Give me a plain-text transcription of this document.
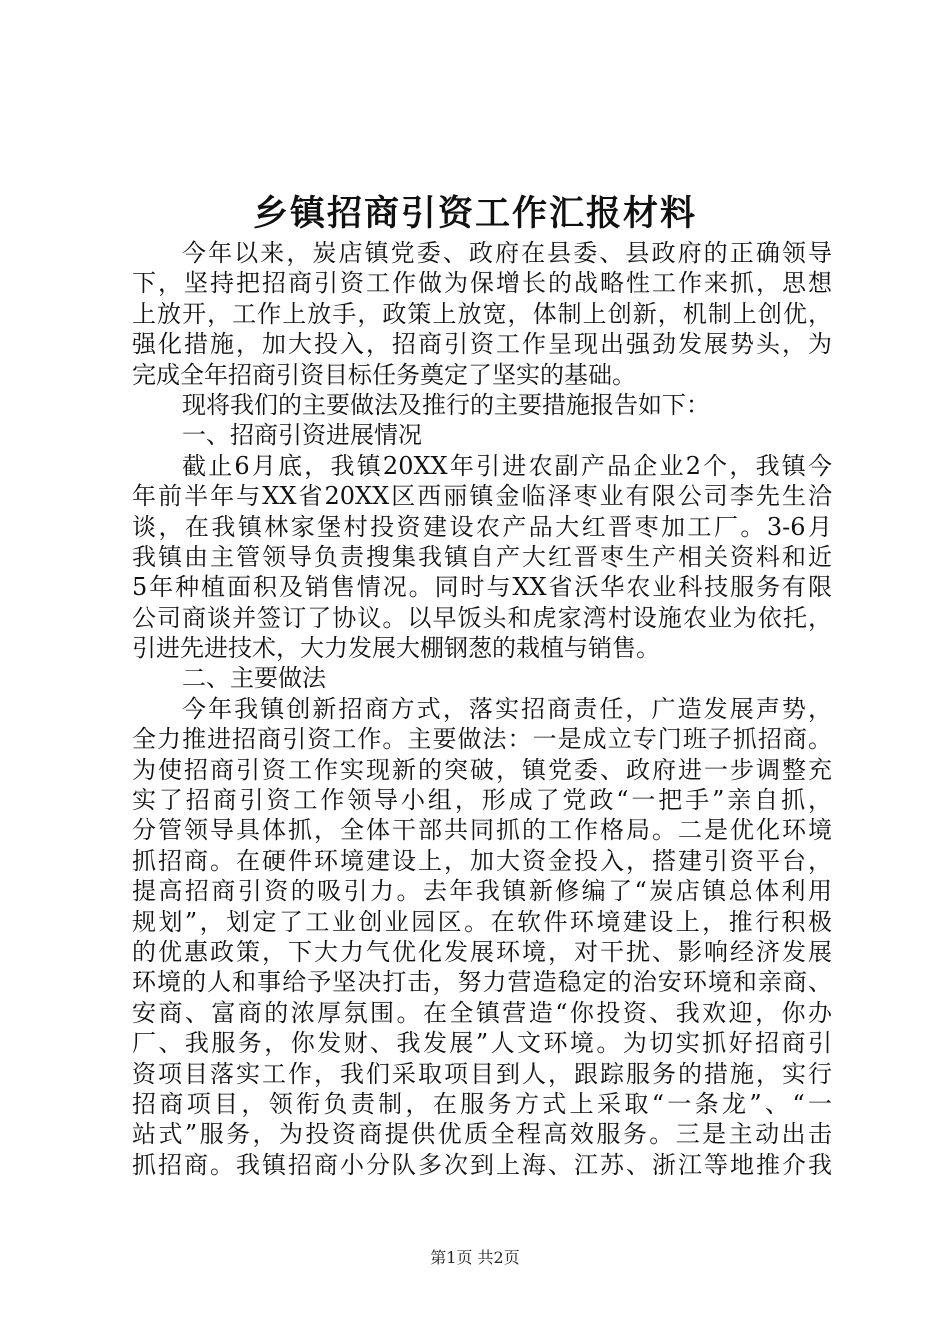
乡镇招商引资工作汇报材料
今年以来，炭店镇党委、政府在县委、县政府的正确领导
下，坚持把招商引资工作做为保增长的战略性工作来抓，思想
上放开，工作上放手，政策上放宽，体制上创新，机制上创优，
强化措施，加大投入，招商引资工作呈现出强劲发展势头，为
完成全年招商引资目标任务奠定了坚实的基础。
现将我们的主要做法及推行的主要措施报告如下：
一、招商引资进展情况
截止6月底，我镇20XX年引进农副产品企业2个，我镇今
年前半年与XX省20XX区西丽镇金临泽枣业有限公司李先生洽
谈，在我镇林家堡村投资建设农产品大红晋枣加工厂。3-6月
我镇由主管领导负责搜集我镇自产大红晋枣生产相关资料和近
5年种植面积及销售情况。同时与XX省沃华农业科技服务有限
公司商谈并签订了协议。以早饭头和虎家湾村设施农业为依托，
引进先进技术，大力发展大棚钢葱的栽植与销售。
二、主要做法
今年我镇创新招商方式，落实招商责任，广造发展声势，
全力推进招商引资工作。主要做法：一是成立专门班子抓招商。
为使招商引资工作实现新的突破，镇党委、政府进一步调整充
实了招商引资工作领导小组，形成了党政“一把手”亲自抓，
分管领导具体抓，全体干部共同抓的工作格局。二是优化环境
抓招商。在硬件环境建设上，加大资金投入，搭建引资平台，
提高招商引资的吸引力。去年我镇新修编了“炭店镇总体利用
规划”，划定了工业创业园区。在软件环境建设上，推行积极
的优惠政策，下大力气优化发展环境，对干扰、影响经济发展
环境的人和事给予坚决打击，努力营造稳定的治安环境和亲商、
安商、富商的浓厚氛围。在全镇营造“你投资、我欢迎，你办
厂、我服务，你发财、我发展”人文环境。为切实抓好招商引
资项目落实工作，我们采取项目到人，跟踪服务的措施，实行
招商项目，领衔负责制，在服务方式上采取“一条龙”、“一
站式”服务，为投资商提供优质全程高效服务。三是主动出击
抓招商。我镇招商小分队多次到上海、江苏、浙江等地推介我
第1页 共2页
